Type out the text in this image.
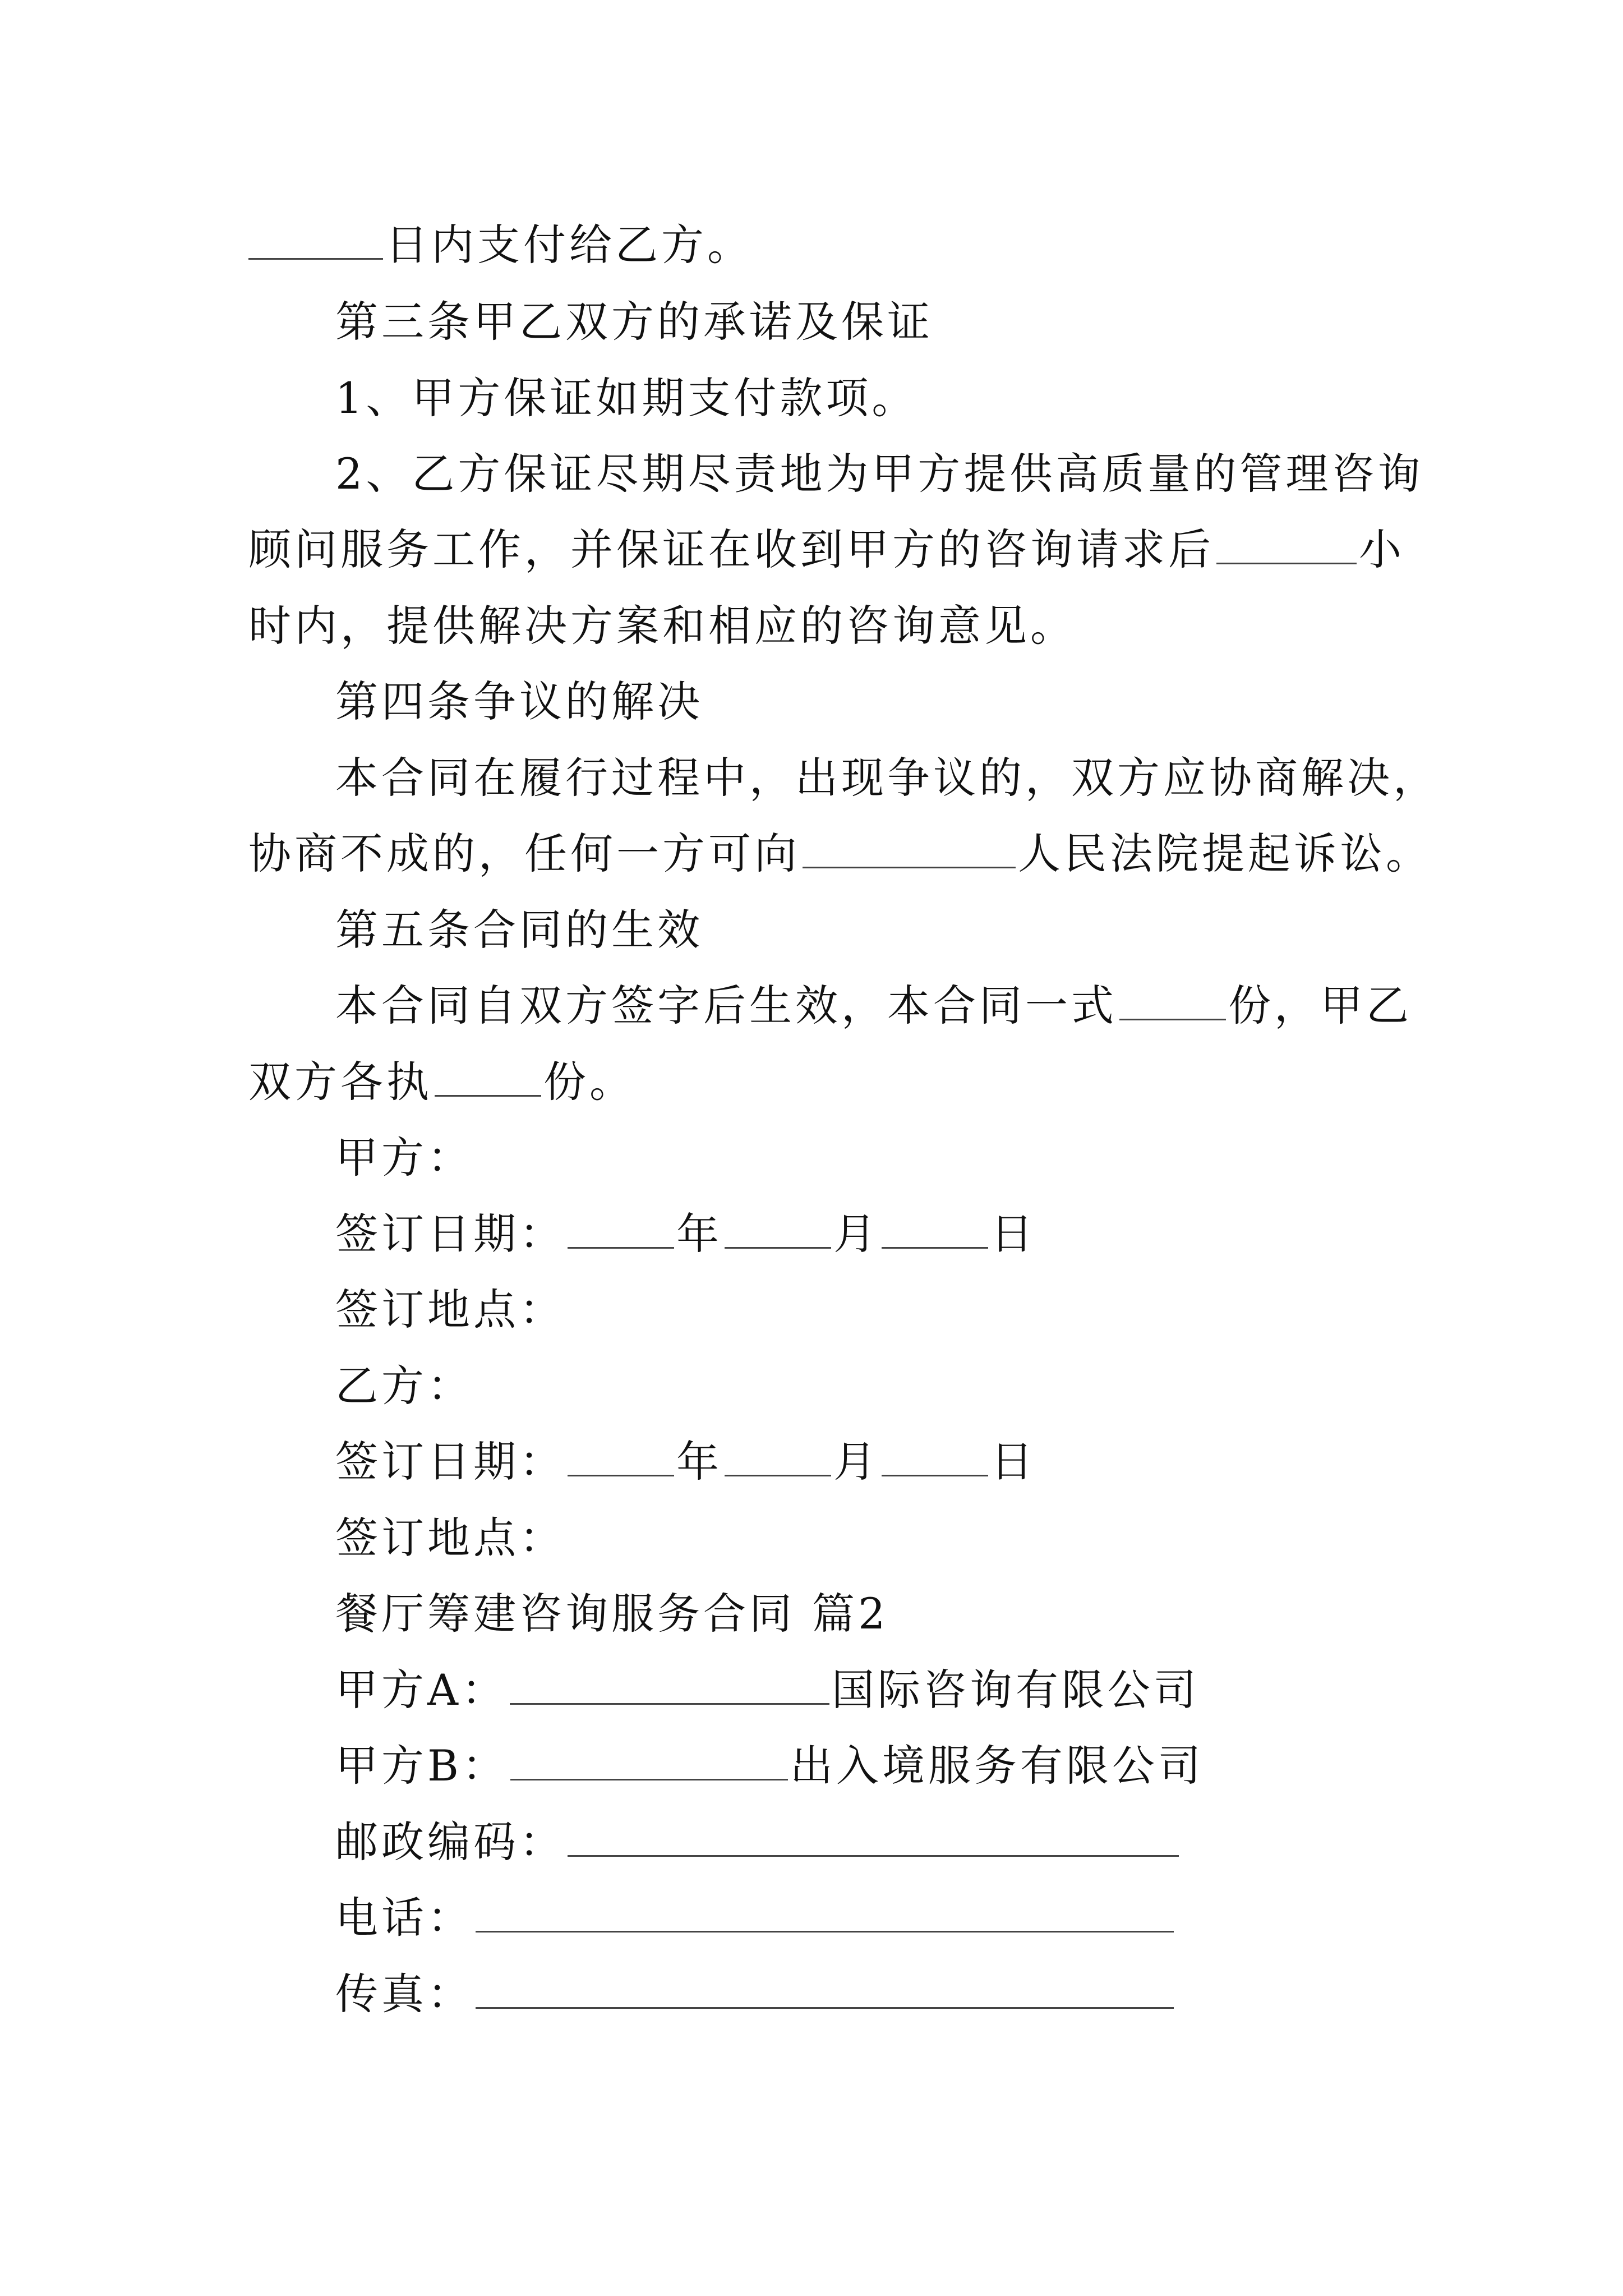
日内支付给乙方。
第三条甲乙双方的承诺及保证
1、甲方保证如期支付款项。
2、乙方保证尽期尽责地为甲方提供高质量的管理咨询
顾问服务工作，并保证在收到甲方的咨询请求后	小
时内，提供解决方案和相应的咨询意见。
第四条争议的解决
本合同在履行过程中，出现争议的，双方应协商解决，
协商不成的，任何一方可向	人民法院提起诉讼。
第五条合同的生效
本合同自双方签字后生效，本合同一式	份，甲乙
双方各执	份。
甲方：
签订日期：	年	月	日
签订地点：
乙方：
签订日期：	年	月	日
签订地点：
餐厅筹建咨询服务合同 篇2
甲方A：	国际咨询有限公司
甲方B：	出入境服务有限公司
邮政编码：
电话：
传真：
